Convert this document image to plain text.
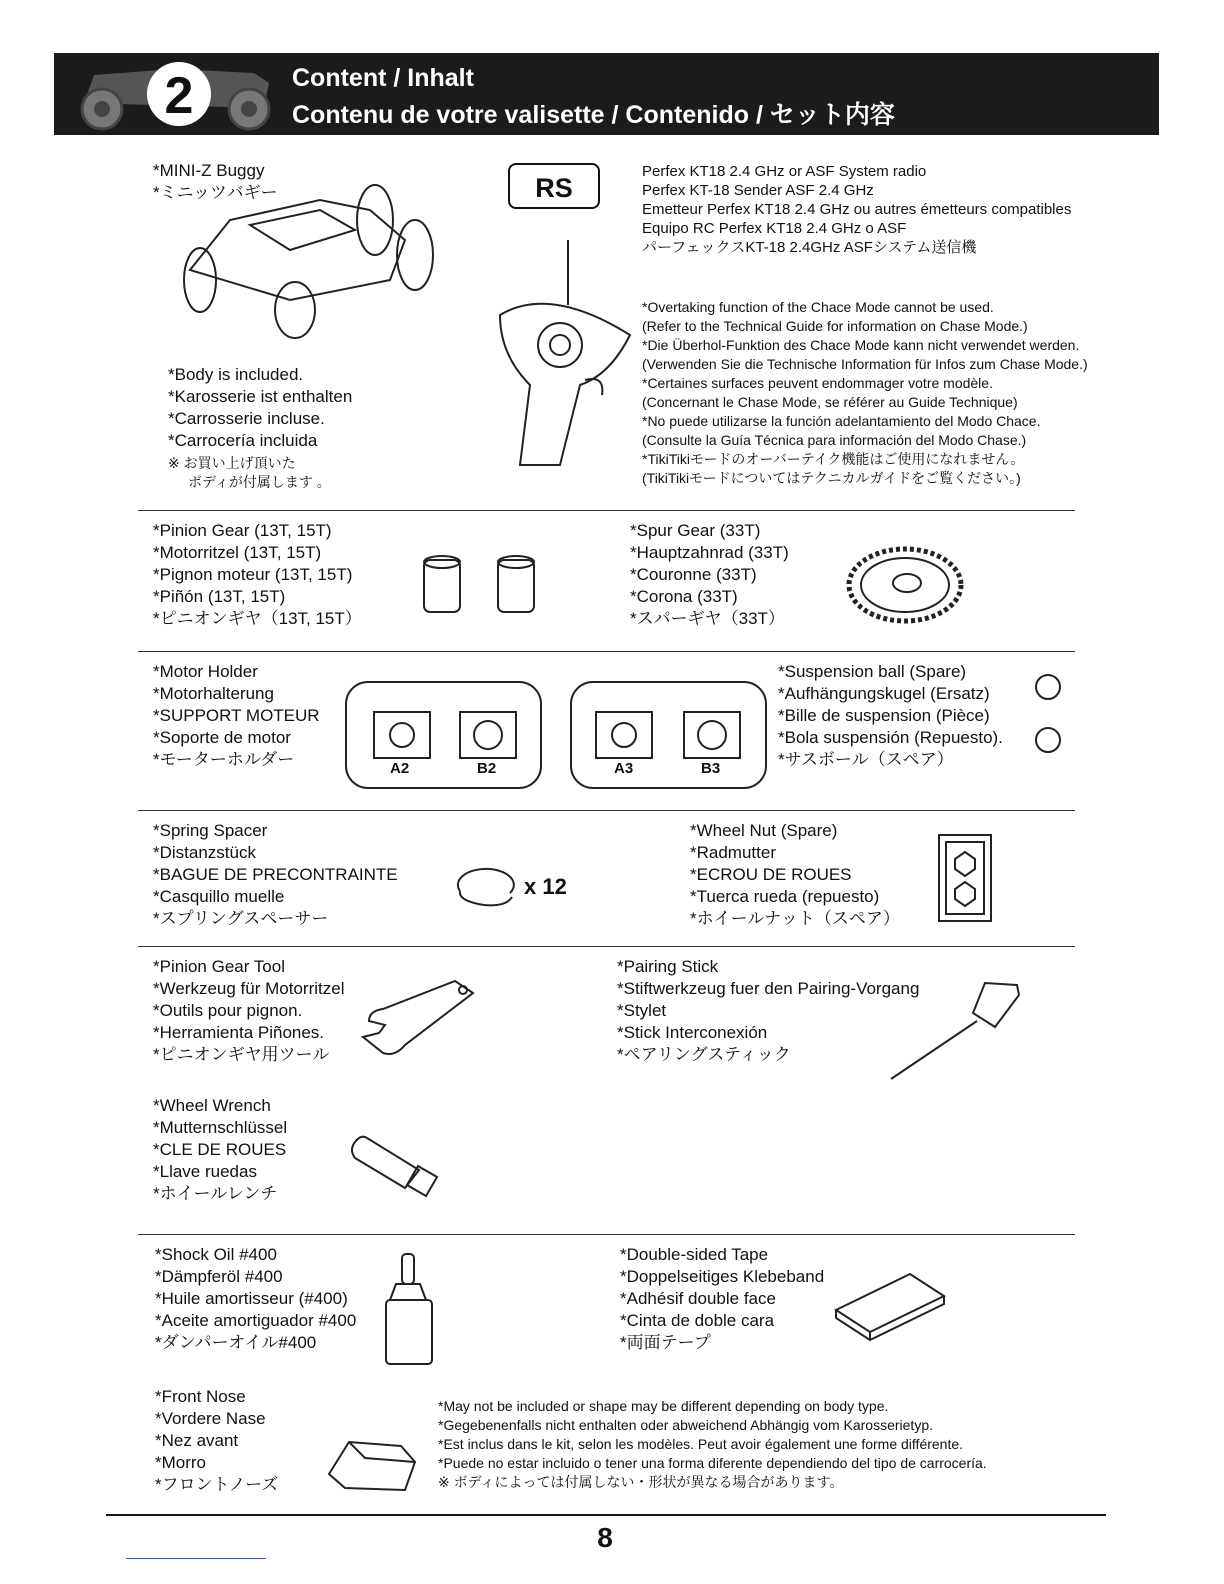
2	Content / Inhalt
Contenu de votre valisette / Contenido / セット内容
*MINI-Z Buggy
*ミニッツバギー
*Body is included.
*Karosserie ist enthalten
*Carrosserie incluse.
*Carrocería incluida
※ お買い上げ頂いた
ボディが付属します 。
RS
Perfex KT18 2.4 GHz or ASF System radio
Perfex KT-18 Sender ASF 2.4 GHz
Emetteur Perfex KT18 2.4 GHz ou autres émetteurs compatibles
Equipo RC Perfex KT18 2.4 GHz o ASF
パーフェックスKT-18 2.4GHz ASFシステム送信機
*Overtaking function of the Chace Mode cannot be used.
(Refer to the Technical Guide for information on Chase Mode.)
*Die Überhol-Funktion des Chace Mode kann nicht verwendet werden.
(Verwenden Sie die Technische Information für Infos zum Chase Mode.)
*Certaines surfaces peuvent endommager votre modèle.
(Concernant le Chase Mode, se référer au Guide Technique)
*No puede utilizarse la función adelantamiento del Modo Chace.
(Consulte la Guía Técnica para información del Modo Chase.)
*TikiTikiモードのオーバーテイク機能はご使用になれません。
(TikiTikiモードについてはテクニカルガイドをご覧ください。)
*Pinion Gear (13T, 15T)
*Motorritzel (13T, 15T)
*Pignon moteur (13T, 15T)
*Piñón (13T, 15T)
*ピニオンギヤ（13T, 15T）
*Spur Gear (33T)
*Hauptzahnrad (33T)
*Couronne (33T)
*Corona (33T)
*スパーギヤ（33T）
*Motor Holder
*Motorhalterung
*SUPPORT MOTEUR
*Soporte de motor
*モーターホルダー	A2	B2	A3	B3
*Suspension ball (Spare)
*Aufhängungskugel (Ersatz)
*Bille de suspension (Pièce)
*Bola suspensión (Repuesto).
*サスボール（スペア）
*Spring Spacer
*Distanzstück
*BAGUE DE PRECONTRAINTE
*Casquillo muelle
*スプリングスペーサー
x 12
*Wheel Nut (Spare)
*Radmutter
*ECROU DE ROUES
*Tuerca rueda (repuesto)
*ホイールナット（スペア）
*Pinion Gear Tool
*Werkzeug für Motorritzel
*Outils pour pignon.
*Herramienta Piñones.
*ピニオンギヤ用ツール
*Pairing Stick
*Stiftwerkzeug fuer den Pairing-Vorgang
*Stylet
*Stick Interconexión
*ペアリングスティック
*Wheel Wrench
*Mutternschlüssel
*CLE DE ROUES
*Llave ruedas
*ホイールレンチ
*Shock Oil #400
*Dämpferöl #400
*Huile amortisseur (#400)
*Aceite amortiguador #400
*ダンパーオイル#400
*Double-sided Tape
*Doppelseitiges Klebeband
*Adhésif double face
*Cinta de doble cara
*両面テープ
*Front Nose
*Vordere Nase
*Nez avant
*Morro
*フロントノーズ
*May not be included or shape may be different depending on body type.
*Gegebenenfalls nicht enthalten oder abweichend Abhängig vom Karosserietyp.
*Est inclus dans le kit, selon les modèles. Peut avoir également une forme différente.
*Puede no estar incluido o tener una forma diferente dependiendo del tipo de carrocería.
※ ボディによっては付属しない・形状が異なる場合があります。
8
